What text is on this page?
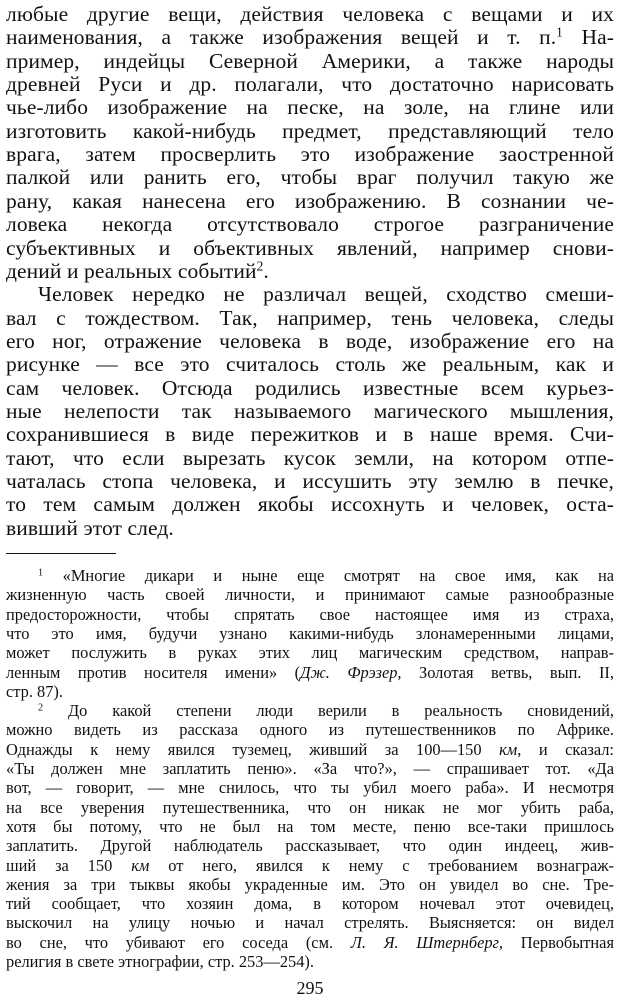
любые другие вещи, действия человека с вещами и их
наименования, а также изображения вещей и т. п.$^1$ На-
пример, индейцы Северной Америки, а также народы
древней Руси и др. полагали, что достаточно нарисовать
чье-либо изображение на песке, на золе, на глине или
изготовить какой-нибудь предмет, представляющий тело
врага, затем просверлить это изображение заостренной
палкой или ранить его, чтобы враг получил такую же
рану, какая нанесена его изображению. В сознании че-
ловека некогда отсутствовало строгое разграничение
субъективных и объективных явлений, например снови-
дений и реальных событий$^2$.
Человек нередко не различал вещей, сходство смеши-
вал с тождеством. Так, например, тень человека, следы
его ног, отражение человека в воде, изображение его на
рисунке — все это считалось столь же реальным, как и
сам человек. Отсюда родились известные всем курьез-
ные нелепости так называемого магического мышления,
сохранившиеся в виде пережитков и в наше время. Счи-
тают, что если вырезать кусок земли, на котором отпе-
чаталась стопа человека, и иссушить эту землю в печке,
то тем самым должен якобы иссохнуть и человек, оста-
вивший этот след.
$^1$ «Многие дикари и ныне еще смотрят на свое имя, как на
жизненную часть своей личности, и принимают самые разнообразные
предосторожности, чтобы спрятать свое настоящее имя из страха,
что это имя, будучи узнано какими-нибудь злонамеренными лицами,
может послужить в руках этих лиц магическим средством, направ-
ленным против носителя имени» (Дж. Фрэзер, Золотая ветвь, вып. II,
стр. 87).
$^2$ До какой степени люди верили в реальность сновидений,
можно видеть из рассказа одного из путешественников по Африке.
Однажды к нему явился туземец, живший за 100—150 км, и сказал:
«Ты должен мне заплатить пеню». «За что?», — спрашивает тот. «Да
вот, — говорит, — мне снилось, что ты убил моего раба». И несмотря
на все уверения путешественника, что он никак не мог убить раба,
хотя бы потому, что не был на том месте, пеню все-таки пришлось
заплатить. Другой наблюдатель рассказывает, что один индеец, жив-
ший за 150 км от него, явился к нему с требованием вознаграж-
жения за три тыквы якобы украденные им. Это он увидел во сне. Тре-
тий сообщает, что хозяин дома, в котором ночевал этот очевидец,
выскочил на улицу ночью и начал стрелять. Выясняется: он видел
во сне, что убивают его соседа (см. Л. Я. Штернберг, Первобытная
религия в свете этнографии, стр. 253—254).
295
